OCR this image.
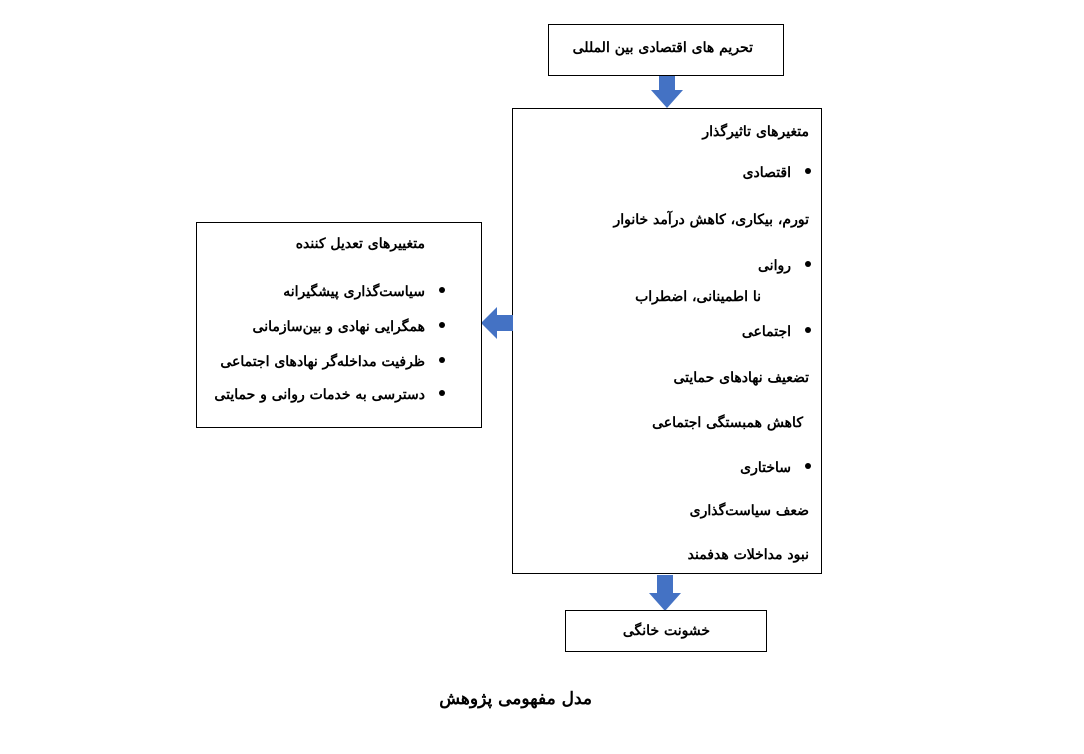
تحریم های اقتصادی بین المللی
متغیرهای تاثیرگذار
اقتصادی
تورم، بیکاری، کاهش درآمد خانوار
روانی
نا اطمینانی، اضطراب
اجتماعی
تضعیف نهادهای حمایتی
کاهش همبستگی اجتماعی
ساختاری
ضعف سیاست‌گذاری
نبود مداخلات هدفمند
متغییرهای تعدیل کننده
سیاست‌گذاری پیشگیرانه
همگرایی نهادی و بین‌سازمانی
ظرفیت مداخله‌گر نهادهای اجتماعی
دسترسی به خدمات روانی و حمایتی
خشونت خانگی
مدل مفهومی پژوهش
